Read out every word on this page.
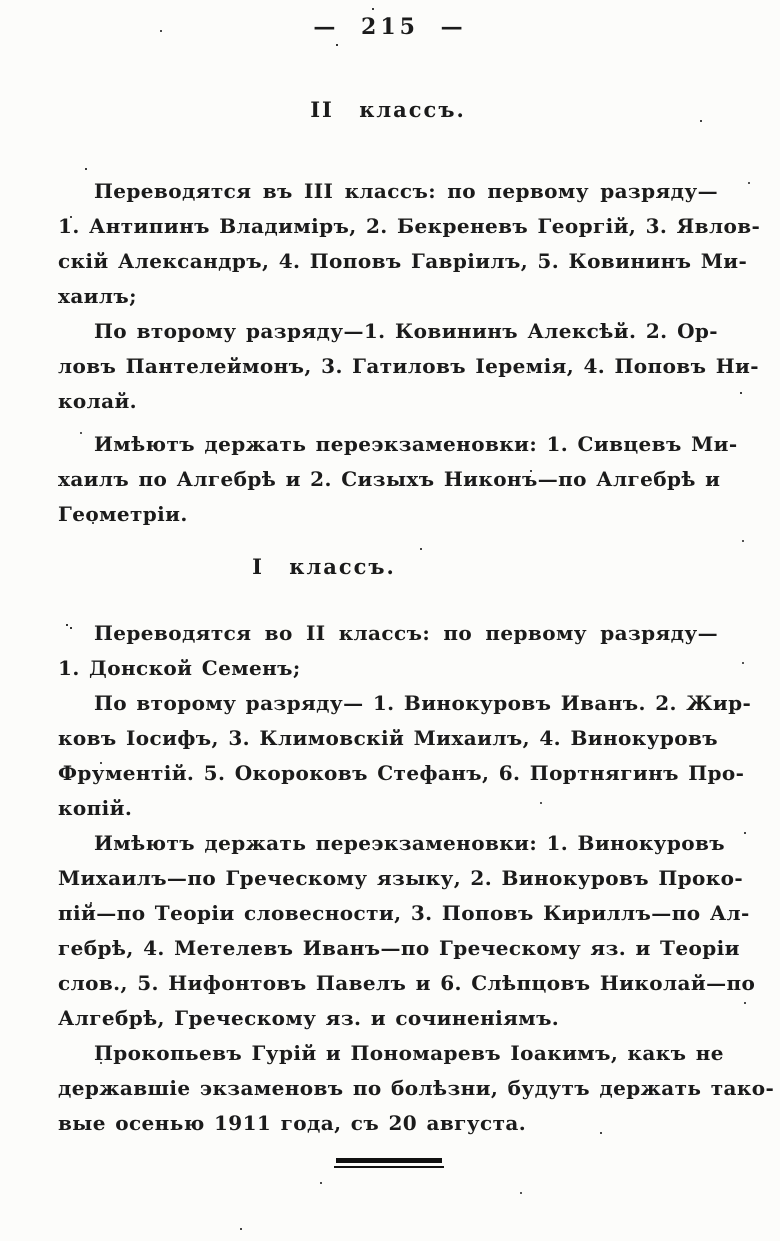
— 215 —
II классъ.
Переводятся въ III классъ: по первому разряду—
1. Антипинъ Владиміръ, 2. Бекреневъ Георгій, 3. Явлов-
скій Александръ, 4. Поповъ Гавріилъ, 5. Ковининъ Ми-
хаилъ;
По второму разряду—1. Ковининъ Алексѣй. 2. Ор-
ловъ Пантелеймонъ, 3. Гатиловъ Іеремія, 4. Поповъ Ни-
колай.
Имѣютъ держать переэкзаменовки: 1. Сивцевъ Ми-
хаилъ по Алгебрѣ и 2. Сизыхъ Никонъ—по Алгебрѣ и
Геометріи.
I классъ.
Переводятся во II классъ: по первому разряду—
1. Донской Семенъ;
По второму разряду— 1. Винокуровъ Иванъ. 2. Жир-
ковъ Іосифъ, 3. Климовскій Михаилъ, 4. Винокуровъ
Фрументій. 5. Окороковъ Стефанъ, 6. Портнягинъ Про-
копій.
Имѣютъ держать переэкзаменовки: 1. Винокуровъ
Михаилъ—по Греческому языку, 2. Винокуровъ Проко-
пій—по Теоріи словесности, 3. Поповъ Кириллъ—по Ал-
гебрѣ, 4. Метелевъ Иванъ—по Греческому яз. и Теоріи
слов., 5. Нифонтовъ Павелъ и 6. Слѣпцовъ Николай—по
Алгебрѣ, Греческому яз. и сочиненіямъ.
Прокопьевъ Гурій и Пономаревъ Іоакимъ, какъ не
державшіе экзаменовъ по болѣзни, будутъ держать тако-
вые осенью 1911 года, съ 20 августа.
